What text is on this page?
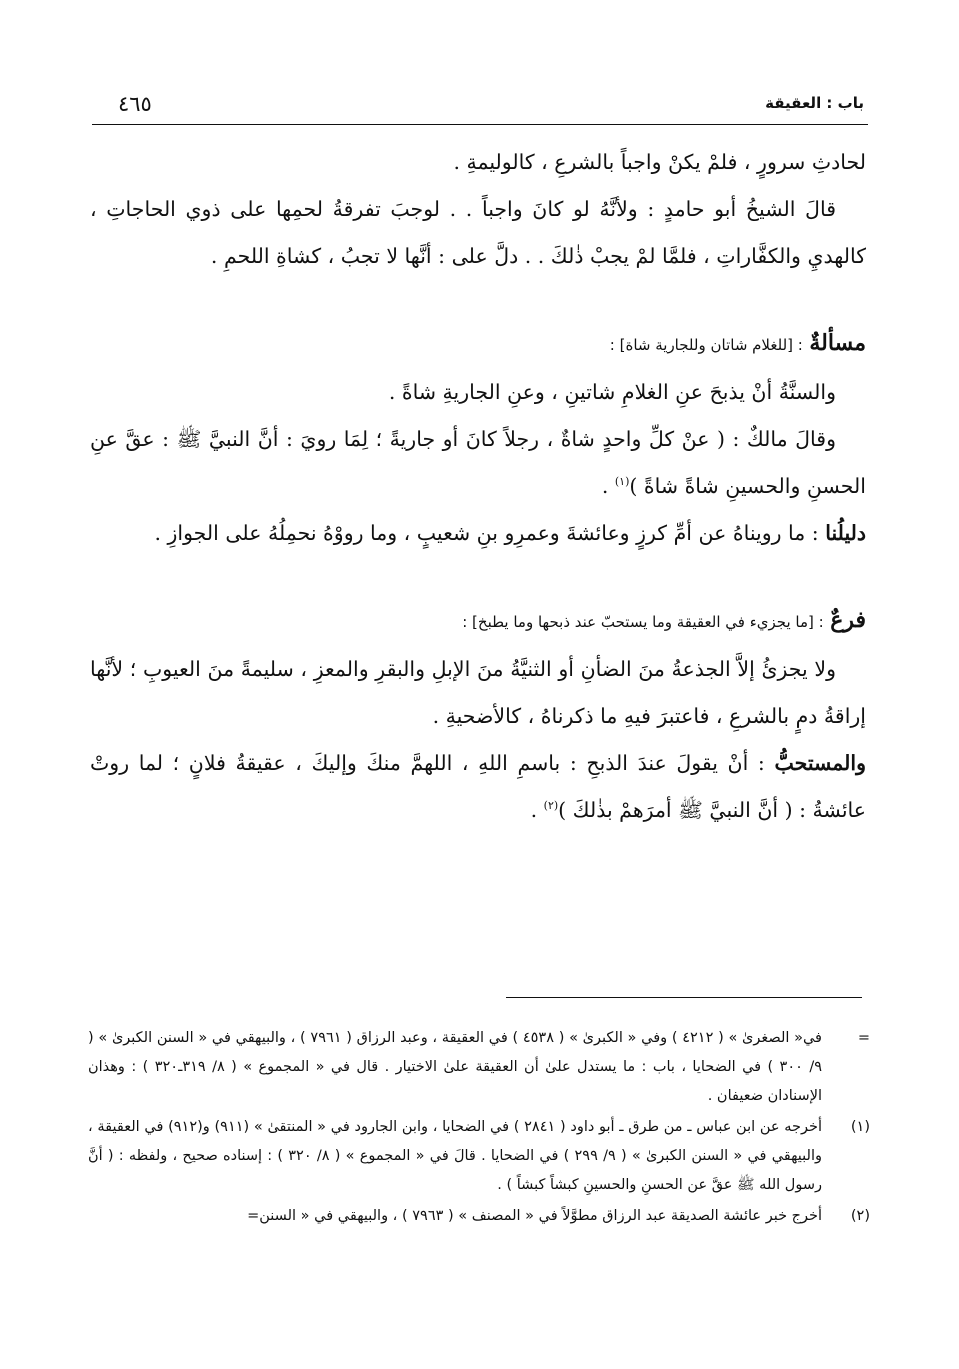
٤٦٥	باب : العقيقة

لحادثِ سرورٍ ، فلمْ يكنْ واجباً بالشرعِ ، كالوليمةِ .

قالَ الشيخُ أبو حامدٍ : ولأنَّهُ لو كانَ واجباً . . لوجبَ تفرقةُ لحمِها على ذوي الحاجاتِ ، كالهديِ والكفَّاراتِ ، فلمَّا لمْ يجبْ ذٰلكَ . . دلَّ على : أنَّها لا تجبُ ، كشاةِ اللحمِ .

مسألةٌ : [للغلام شاتان وللجارية شاة] :

والسنَّةُ أنْ يذبحَ عنِ الغلامِ شاتينِ ، وعنِ الجاريةِ شاةً .

وقالَ مالكٌ : ( عنْ كلِّ واحدٍ شاةٌ ، رجلاً كانَ أو جاريةً ؛ لِمَا رويَ : أنَّ النبيَّ ﷺ : عقَّ عنِ الحسنِ والحسينِ شاةً شاةً )$^{(١)}$ .

دليلُنا : ما رويناهُ عن أمِّ كرزٍ وعائشةَ وعمرِو بنِ شعيبٍ ، وما رووْهُ نحمِلُهُ على الجوازِ .

فرعٌ : [ما يجزيء في العقيقة وما يستحبّ عند ذبحها وما يطبخ] :

ولا يجزئُ إلاَّ الجذعةُ منَ الضأنِ أو الثنيَّةُ منَ الإبلِ والبقرِ والمعزِ ، سليمةً منَ العيوبِ ؛ لأنَّها إراقةُ دمٍ بالشرعِ ، فاعتبرَ فيهِ ما ذكرناهُ ، كالأضحيةِ .

والمستحبُّ : أنْ يقولَ عندَ الذبحِ : باسمِ اللهِ ، اللهمَّ منكَ وإليكَ ، عقيقةُ فلانٍ ؛ لما روتْ عائشةُ : ( أنَّ النبيَّ ﷺ أمرَهمْ بذٰلكَ )$^{(٢)}$ .

=
في« الصغرىٰ » ( ٤٢١٢ ) وفي « الكبرىٰ » ( ٤٥٣٨ ) في العقيقة ، وعبد الرزاق ( ٧٩٦١ ) ، والبيهقي في « السنن الكبرىٰ » ( ٩/ ٣٠٠ ) في الضحايا ، باب : ما يستدل علىٰ أن العقيقة علىٰ الاختيار . قال في « المجموع » ( ٨/ ٣١٩ـ٣٢٠ ) : وهذان الإسنادان ضعيفان .

(١)
أخرجه عن ابن عباس ـ من طرق ـ أبو داود ( ٢٨٤١ ) في الضحايا ، وابن الجارود في « المنتقىٰ » (٩١١) و(٩١٢) في العقيقة ، والبيهقي في « السنن الكبرىٰ » ( ٩/ ٢٩٩ ) في الضحايا . قالَ في « المجموع » ( ٨/ ٣٢٠ ) : إسناده صحيح ، ولفظه : ( أنَّ رسول الله ﷺ عقَّ عن الحسنِ والحسينِ كبشاً كبشاً ) .

(٢)
أخرج خبر عائشة الصديقة عبد الرزاق مطوَّلاً في « المصنف » ( ٧٩٦٣ ) ، والبيهقي في « السنن=
